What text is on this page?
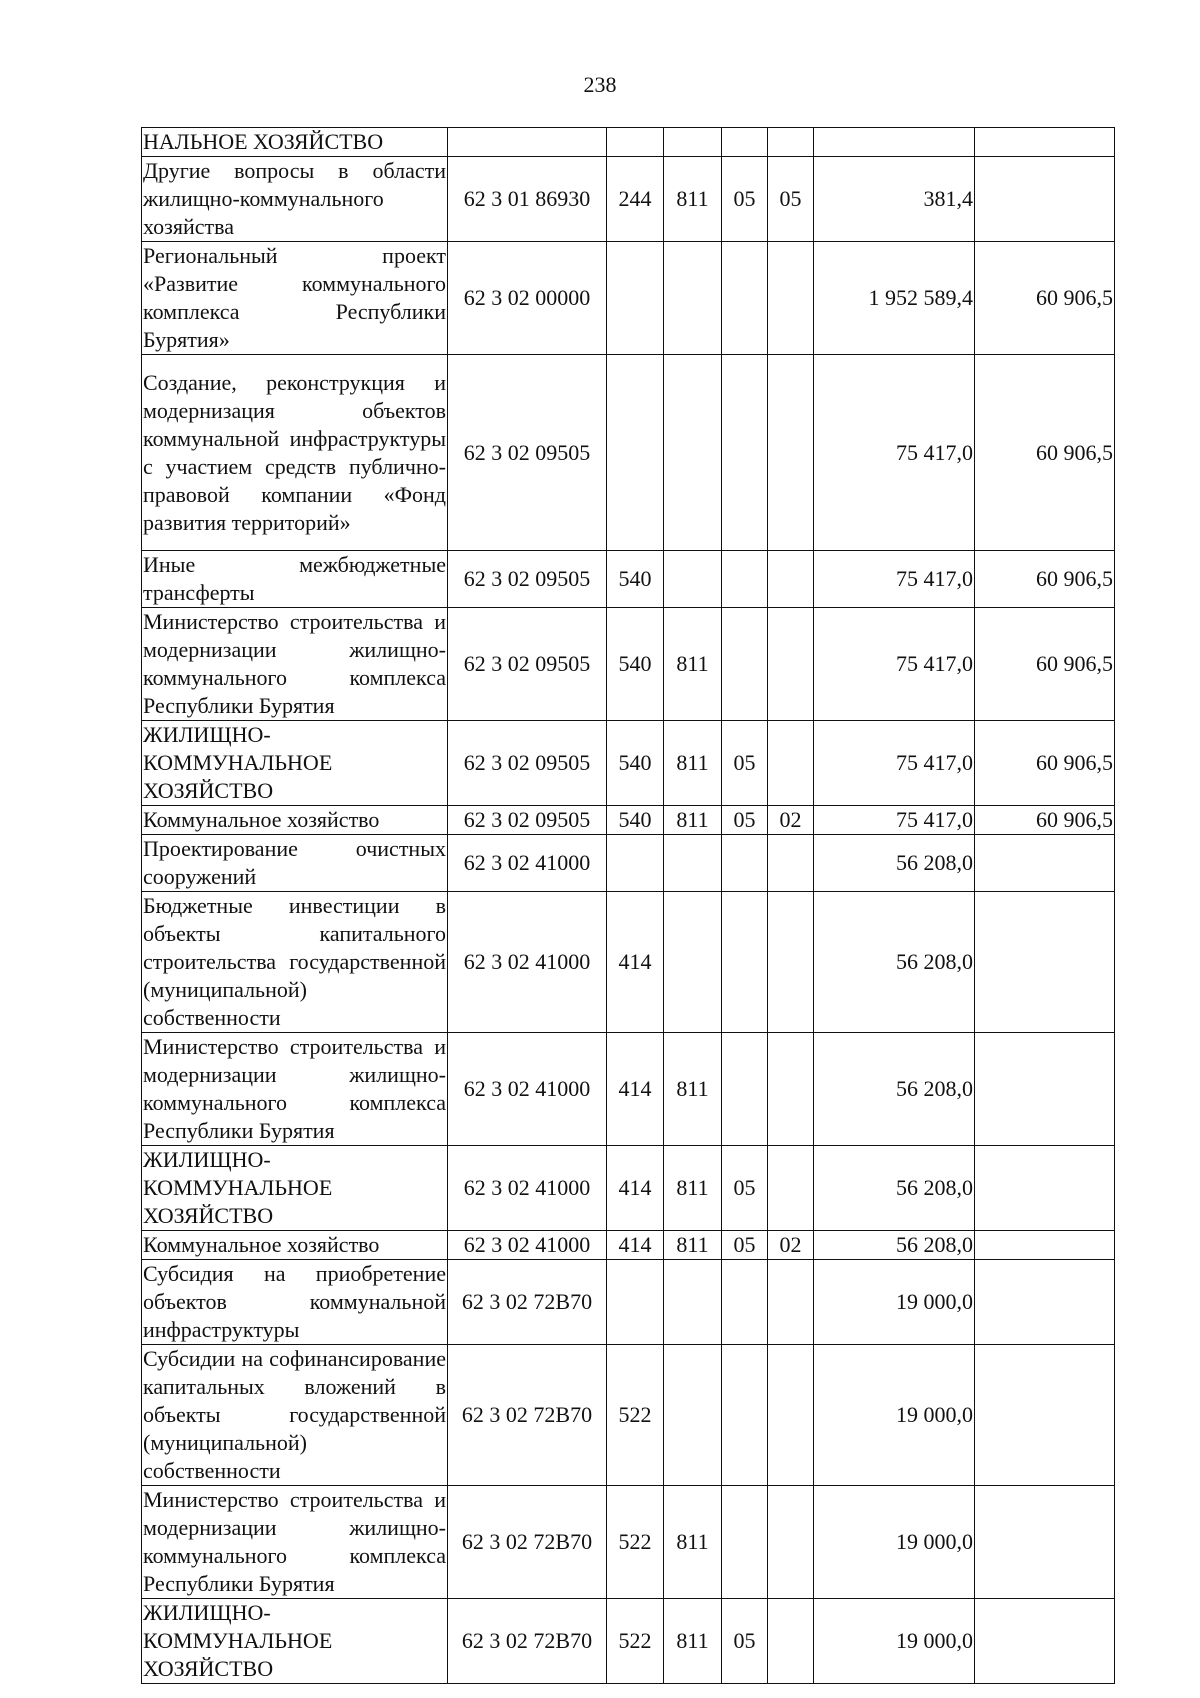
238
НАЛЬНОЕ ХОЗЯЙСТВО							
Другие вопросы в области жилищно-коммунального хозяйства	62 3 01 86930	244	811	05	05	381,4	
Региональный проект «Развитие коммунального комплекса Республики Бурятия»	62 3 02 00000					1 952 589,4	60 906,5
Создание, реконструкция и модернизация объектов коммунальной инфраструктуры с участием средств публично-правовой компании «Фонд развития территорий»	62 3 02 09505					75 417,0	60 906,5
Иные межбюджетные трансферты	62 3 02 09505	540				75 417,0	60 906,5
Министерство строительства и модернизации жилищно-коммунального комплекса Республики Бурятия	62 3 02 09505	540	811			75 417,0	60 906,5
ЖИЛИЩНО-КОММУНАЛЬНОЕ ХОЗЯЙСТВО	62 3 02 09505	540	811	05		75 417,0	60 906,5
Коммунальное хозяйство	62 3 02 09505	540	811	05	02	75 417,0	60 906,5
Проектирование очистных сооружений	62 3 02 41000					56 208,0	
Бюджетные инвестиции в объекты капитального строительства государственной (муниципальной) собственности	62 3 02 41000	414				56 208,0	
Министерство строительства и модернизации жилищно-коммунального комплекса Республики Бурятия	62 3 02 41000	414	811			56 208,0	
ЖИЛИЩНО-КОММУНАЛЬНОЕ ХОЗЯЙСТВО	62 3 02 41000	414	811	05		56 208,0	
Коммунальное хозяйство	62 3 02 41000	414	811	05	02	56 208,0	
Субсидия на приобретение объектов коммунальной инфраструктуры	62 3 02 72В70					19 000,0	
Субсидии на софинансирование капитальных вложений в объекты государственной (муниципальной) собственности	62 3 02 72В70	522				19 000,0	
Министерство строительства и модернизации жилищно-коммунального комплекса Республики Бурятия	62 3 02 72В70	522	811			19 000,0	
ЖИЛИЩНО-КОММУНАЛЬНОЕ ХОЗЯЙСТВО	62 3 02 72В70	522	811	05		19 000,0	
